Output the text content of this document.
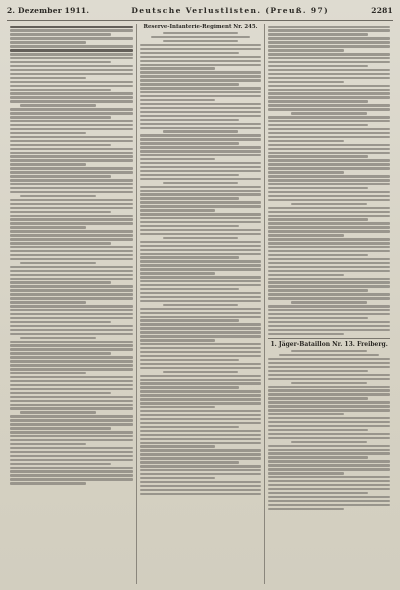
2. Dezember 1911.	Deutsche Verlustlisten. (Preuß. 97)	2281
Reserve-Infanterie-Regiment Nr. 245.
1. Jäger-Bataillon Nr. 13. Freiberg.
